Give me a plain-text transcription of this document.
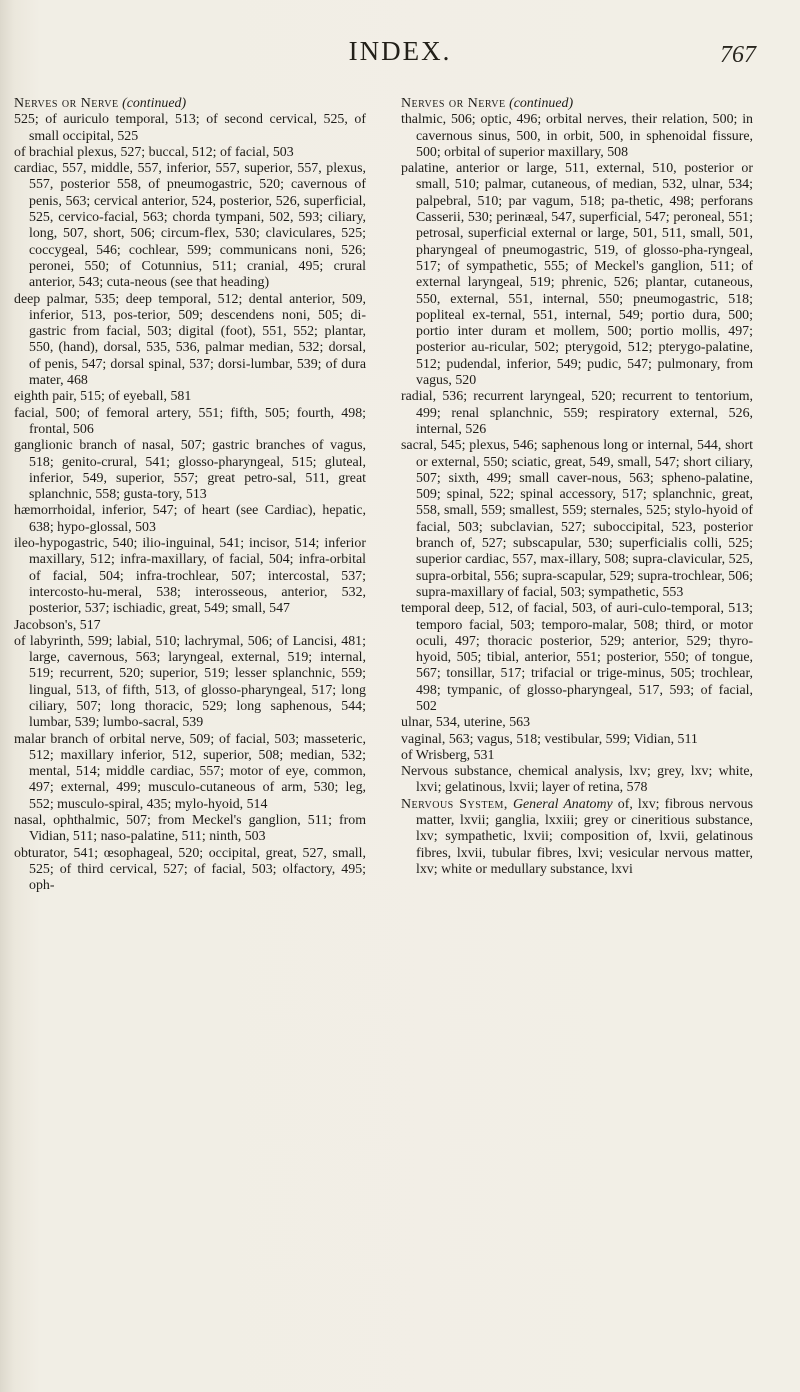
INDEX.	767

Nerves or Nerve (continued)

525; of auriculo temporal, 513; of second cervical, 525, of small occipital, 525

of brachial plexus, 527; buccal, 512; of facial, 503

cardiac, 557, middle, 557, inferior, 557, superior, 557, plexus, 557, posterior 558, of pneumogastric, 520; cavernous of penis, 563; cervical anterior, 524, posterior, 526, superficial, 525, cervico-facial, 563; chorda tympani, 502, 593; ciliary, long, 507, short, 506; circum-flex, 530; claviculares, 525; coccygeal, 546; cochlear, 599; communicans noni, 526; peronei, 550; of Cotunnius, 511; cranial, 495; crural anterior, 543; cuta-neous (see that heading)

deep palmar, 535; deep temporal, 512; dental anterior, 509, inferior, 513, pos-terior, 509; descendens noni, 505; di-gastric from facial, 503; digital (foot), 551, 552; plantar, 550, (hand), dorsal, 535, 536, palmar median, 532; dorsal, of penis, 547; dorsal spinal, 537; dorsi-lumbar, 539; of dura mater, 468

eighth pair, 515; of eyeball, 581

facial, 500; of femoral artery, 551; fifth, 505; fourth, 498; frontal, 506

ganglionic branch of nasal, 507; gastric branches of vagus, 518; genito-crural, 541; glosso-pharyngeal, 515; gluteal, inferior, 549, superior, 557; great petro-sal, 511, great splanchnic, 558; gusta-tory, 513

hæmorrhoidal, inferior, 547; of heart (see Cardiac), hepatic, 638; hypo-glossal, 503

ileo-hypogastric, 540; ilio-inguinal, 541; incisor, 514; inferior maxillary, 512; infra-maxillary, of facial, 504; infra-orbital of facial, 504; infra-trochlear, 507; intercostal, 537; intercosto-hu-meral, 538; interosseous, anterior, 532, posterior, 537; ischiadic, great, 549; small, 547

Jacobson's, 517

of labyrinth, 599; labial, 510; lachrymal, 506; of Lancisi, 481; large, cavernous, 563; laryngeal, external, 519; internal, 519; recurrent, 520; superior, 519; lesser splanchnic, 559; lingual, 513, of fifth, 513, of glosso-pharyngeal, 517; long ciliary, 507; long thoracic, 529; long saphenous, 544; lumbar, 539; lumbo-sacral, 539

malar branch of orbital nerve, 509; of facial, 503; masseteric, 512; maxillary inferior, 512, superior, 508; median, 532; mental, 514; middle cardiac, 557; motor of eye, common, 497; external, 499; musculo-cutaneous of arm, 530; leg, 552; musculo-spiral, 435; mylo-hyoid, 514

nasal, ophthalmic, 507; from Meckel's ganglion, 511; from Vidian, 511; naso-palatine, 511; ninth, 503

obturator, 541; œsophageal, 520; occipital, great, 527, small, 525; of third cervical, 527; of facial, 503; olfactory, 495; oph-

Nerves or Nerve (continued)

thalmic, 506; optic, 496; orbital nerves, their relation, 500; in cavernous sinus, 500, in orbit, 500, in sphenoidal fissure, 500; orbital of superior maxillary, 508

palatine, anterior or large, 511, external, 510, posterior or small, 510; palmar, cutaneous, of median, 532, ulnar, 534; palpebral, 510; par vagum, 518; pa-thetic, 498; perforans Casserii, 530; perinæal, 547, superficial, 547; peroneal, 551; petrosal, superficial external or large, 501, 511, small, 501, pharyngeal of pneumogastric, 519, of glosso-pha-ryngeal, 517; of sympathetic, 555; of Meckel's ganglion, 511; of external laryngeal, 519; phrenic, 526; plantar, cutaneous, 550, external, 551, internal, 550; pneumogastric, 518; popliteal ex-ternal, 551, internal, 549; portio dura, 500; portio inter duram et mollem, 500; portio mollis, 497; posterior au-ricular, 502; pterygoid, 512; pterygo-palatine, 512; pudendal, inferior, 549; pudic, 547; pulmonary, from vagus, 520

radial, 536; recurrent laryngeal, 520; recurrent to tentorium, 499; renal splanchnic, 559; respiratory external, 526, internal, 526

sacral, 545; plexus, 546; saphenous long or internal, 544, short or external, 550; sciatic, great, 549, small, 547; short ciliary, 507; sixth, 499; small caver-nous, 563; spheno-palatine, 509; spinal, 522; spinal accessory, 517; splanchnic, great, 558, small, 559; smallest, 559; sternales, 525; stylo-hyoid of facial, 503; subclavian, 527; suboccipital, 523, posterior branch of, 527; subscapular, 530; superficialis colli, 525; superior cardiac, 557, max-illary, 508; supra-clavicular, 525, supra-orbital, 556; supra-scapular, 529; supra-trochlear, 506; supra-maxillary of facial, 503; sympathetic, 553

temporal deep, 512, of facial, 503, of auri-culo-temporal, 513; temporo facial, 503; temporo-malar, 508; third, or motor oculi, 497; thoracic posterior, 529; anterior, 529; thyro-hyoid, 505; tibial, anterior, 551; posterior, 550; of tongue, 567; tonsillar, 517; trifacial or trige-minus, 505; trochlear, 498; tympanic, of glosso-pharyngeal, 517, 593; of facial, 502

ulnar, 534, uterine, 563

vaginal, 563; vagus, 518; vestibular, 599; Vidian, 511

of Wrisberg, 531

Nervous substance, chemical analysis, lxv; grey, lxv; white, lxvi; gelatinous, lxvii; layer of retina, 578

Nervous System, General Anatomy of, lxv; fibrous nervous matter, lxvii; ganglia, lxxiii; grey or cineritious substance, lxv; sympathetic, lxvii; composition of, lxvii, gelatinous fibres, lxvii, tubular fibres, lxvi; vesicular nervous matter, lxv; white or medullary substance, lxvi
